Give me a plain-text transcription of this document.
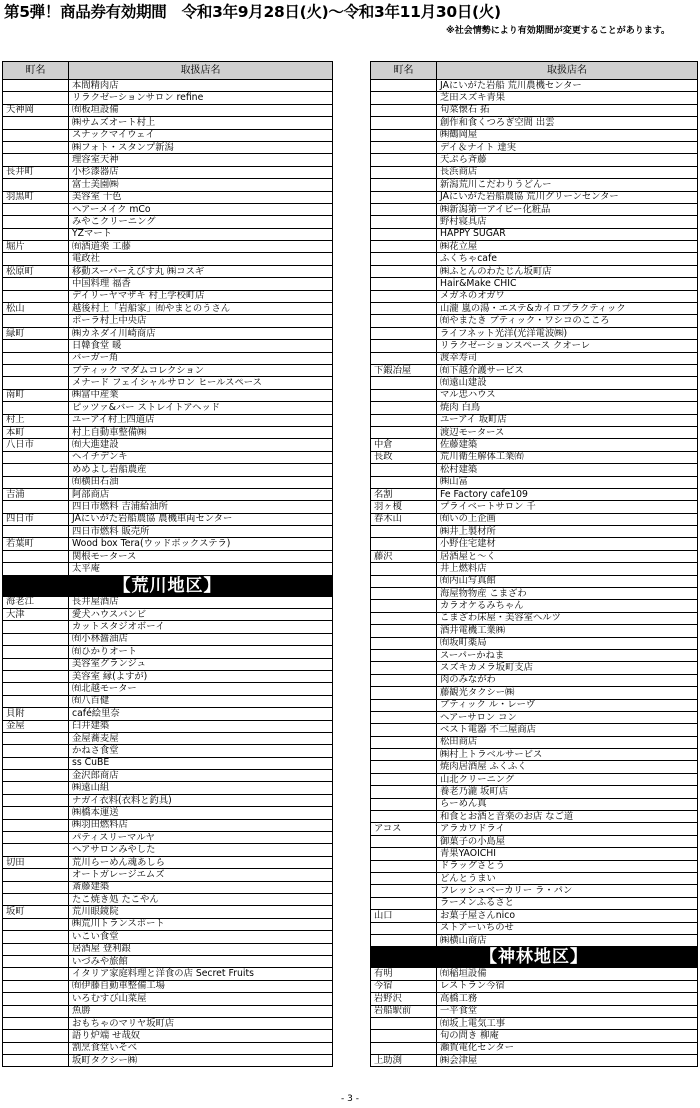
第5弾！商品券有効期間　令和3年9月28日(火)～令和3年11月30日(火)
※社会情勢により有効期間が変更することがあります。
町名	取扱店名
	本間精肉店
	リラクゼーションサロン refine
天神岡	㈲板垣設備
	㈱サムズオート村上
	スナックマイウェイ
	㈱フォト・スタンプ新潟
	理容室天神
長井町	小杉漆器店
	富士美園㈱
羽黒町	美容室 十色
	ヘアーメイク mCo
	みやこクリーニング
	YZマート
堀片	㈲酒道楽 工藤
	電政社
松原町	移動スーパーえびす丸 ㈱コスギ
	中国料理 福香
	デイリーヤマザキ 村上学校町店
松山	越後村上「岩船家」㈲やまとのうさん
	ポーラ村上中央店
緑町	㈱カネダイ川崎商店
	日韓食堂 暖
	バーガー角
	ブティック マダムコレクション
	メナード フェイシャルサロン ヒールスペース
南町	㈱富中産業
	ピッツァ&バー ストレイトアヘッド
村上	ユーアイ村上四道店
本町	村上自動車整備㈱
八日市	㈲大進建設
	ヘイチデンキ
	めめよし岩船農産
	㈲横田石油
吉浦	阿部商店
	四日市燃料 吉浦給油所
四日市	JAにいがた岩船農協 農機車両センター
	四日市燃料 販売所
若葉町	Wood box Tera(ウッドボックステラ)
	関根モータース
	太平庵
【荒川地区】	
海老江	長井屋酒店
大津	愛犬ハウスバンビ
	カットスタジオボーイ
	㈲小林醤油店
	㈲ひかりオート
	美容室グランジュ
	美容室 縁(よすが)
	㈲北越モーター
	㈲八百健
貝附	café絵里奈
金屋	臼井建築
	金屋蕎麦屋
	かねさ食堂
	ss CuBE
	金沢郎商店
	㈱遠山組
	ナガイ衣料(衣料と釣具)
	㈱橋本運送
	㈱羽田燃料店
	パティスリーマルヤ
	ヘアサロンみやした
切田	荒川らーめん魂あしら
	オートガレージエムズ
	斎藤建築
	たこ焼き処 たこやん
坂町	荒川眼鏡院
	㈱荒川トランスポート
	いこい食堂
	居酒屋 登利銀
	いづみや旅館
	イタリア家庭料理と洋食の店 Secret Fruits
	㈲伊藤自動車整備工場
	いろむすび山菜屋
	魚勝
	おもちゃのマリヤ坂町店
	語り炉端 せ哉奴
	割烹食堂いそべ
	坂町タクシー㈱
町名	取扱店名
	JAにいがた岩船 荒川農機センター
	芝田スズキ青果
	旬菜懐石 拓
	創作和食くつろぎ空間 出雲
	㈱鶴岡屋
	デイ＆ナイト 達実
	天ぷら斉藤
	長浜商店
	新潟荒川こだわりうどんー
	JAにいがた岩船農協 荒川グリーンセンター
	㈱新潟第一アイビー化粧品
	野村寝具店
	HAPPY SUGAR
	㈱花立屋
	ふくちゃcafe
	㈱ふとんのわたじん坂町店
	Hair&Make CHIC
	メガネのオガワ
	山瀧 嵐の湯・エステ&カイロプラクティック
	㈲やまたき ブティック・ワシコのこころ
	ライフネット光洋(光洋電波㈱)
	リラクゼーションスペース クオーレ
	渡幸寿司
下鍜冶屋	㈲下越介護サービス
	㈲遠山建設
	マル忠ハウス
	焼肉 白鳥
	ユーアイ 坂町店
	渡辺モータース
中倉	佐藤建築
長政	荒川衛生解体工業㈲
	松村建築
	㈱山冨
名割	Fe Factory cafe109
羽ヶ榎	プライベートサロン 千
春木山	㈲いの上企画
	㈱井上製材所
	小野住宅建材
藤沢	居酒屋と～く
	井上燃料店
	㈲内山写真館
	海屋物物産 こまざわ
	カラオケるみちゃん
	こまざわ床屋・美容室ヘルツ
	酒井電機工業㈱
	㈲坂町薬局
	スーパーかねま
	スズキカメラ坂町支店
	肉のみながわ
	藤観光タクシー㈱
	ブティック ル・レーヴ
	ヘアーサロン コン
	ベスト電器 不二屋商店
	松田商店
	㈱村上トラベルサービス
	焼肉居酒屋 ふくふく
	山北クリーニング
	養老乃瀧 坂町店
	らーめん真
	和食とお酒と音楽のお店 なご道
アコス	アラカワドライ
	御菓子の小島屋
	青果YAOICHI
	ドラッグさとう
	どんとうまい
	フレッシュベーカリー ラ・パン
	ラーメンふるさと
山口	お菓子屋さんnico
	ストアーいちのせ
	㈱横山商店
【神林地区】	
有明	㈲稲垣設備
今宿	レストラン今宿
岩野沢	高橋工務
岩船駅前	一平食堂
	㈲坂上電気工事
	旬の問き 柳庵
	瀬賀電化センター
上助渕	㈱会津屋
- 3 -
